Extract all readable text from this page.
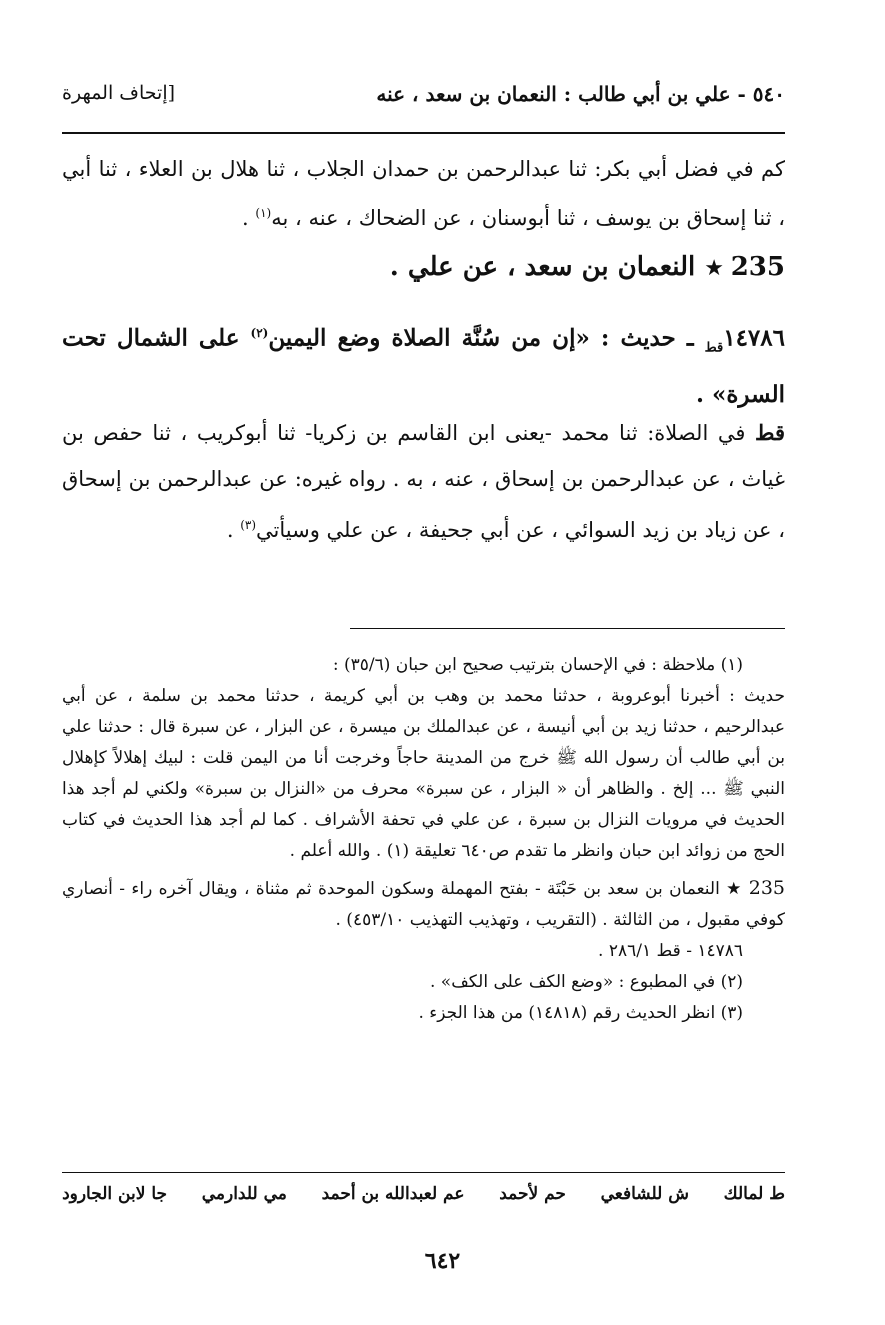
٥٤٠ - علي بن أبي طالب : النعمان بن سعد ، عنه
[إتحاف المهرة
كم في فضل أبي بكر: ثنا عبدالرحمن بن حمدان الجلاب ، ثنا هلال بن العلاء ، ثنا أبي ، ثنا إسحاق بن يوسف ، ثنا أبوسنان ، عن الضحاك ، عنه ، به$^{(١)}$ .
235 ★ النعمان بن سعد ، عن علي .
$١٤٧٨٦_{قط}$ ـ حديث : «إن من سُنَّة الصلاة وضع اليمين$^{(٢)}$ على الشمال تحت السرة» .
قط في الصلاة: ثنا محمد -يعنى ابن القاسم بن زكريا- ثنا أبوكريب ، ثنا حفص بن غياث ، عن عبدالرحمن بن إسحاق ، عنه ، به . رواه غيره: عن عبدالرحمن بن إسحاق ، عن زياد بن زيد السوائي ، عن أبي جحيفة ، عن علي وسيأتي$^{(٣)}$ .
(١) ملاحظة : في الإحسان بترتيب صحيح ابن حبان (٣٥/٦) :
حديث : أخبرنا أبوعروبة ، حدثنا محمد بن وهب بن أبي كريمة ، حدثنا محمد بن سلمة ، عن أبي عبدالرحيم ، حدثنا زيد بن أبي أنيسة ، عن عبدالملك بن ميسرة ، عن البزار ، عن سبرة قال : حدثنا علي بن أبي طالب أن رسول الله ﷺ خرج من المدينة حاجاً وخرجت أنا من اليمن قلت : لبيك إهلالاً كإهلال النبي ﷺ ... إلخ . والظاهر أن « البزار ، عن سبرة» محرف من «النزال بن سبرة» ولكني لم أجد هذا الحديث في مرويات النزال بن سبرة ، عن علي في تحفة الأشراف . كما لم أجد هذا الحديث في كتاب الحج من زوائد ابن حبان وانظر ما تقدم ص٦٤٠ تعليقة (١) . والله أعلم .
235 ★ النعمان بن سعد بن حَبْتَة - بفتح المهملة وسكون الموحدة ثم مثناة ، ويقال آخره راء - أنصاري كوفي مقبول ، من الثالثة . (التقريب ، وتهذيب التهذيب ٤٥٣/١٠) .
١٤٧٨٦ - قط ٢٨٦/١ .
(٢) في المطبوع : «وضع الكف على الكف» .
(٣) انظر الحديث رقم (١٤٨١٨) من هذا الجزء .
ط لمالك
ش للشافعي
حم لأحمد
عم لعبدالله بن أحمد
مي للدارمي
جا لابن الجارود
٦٤٢
